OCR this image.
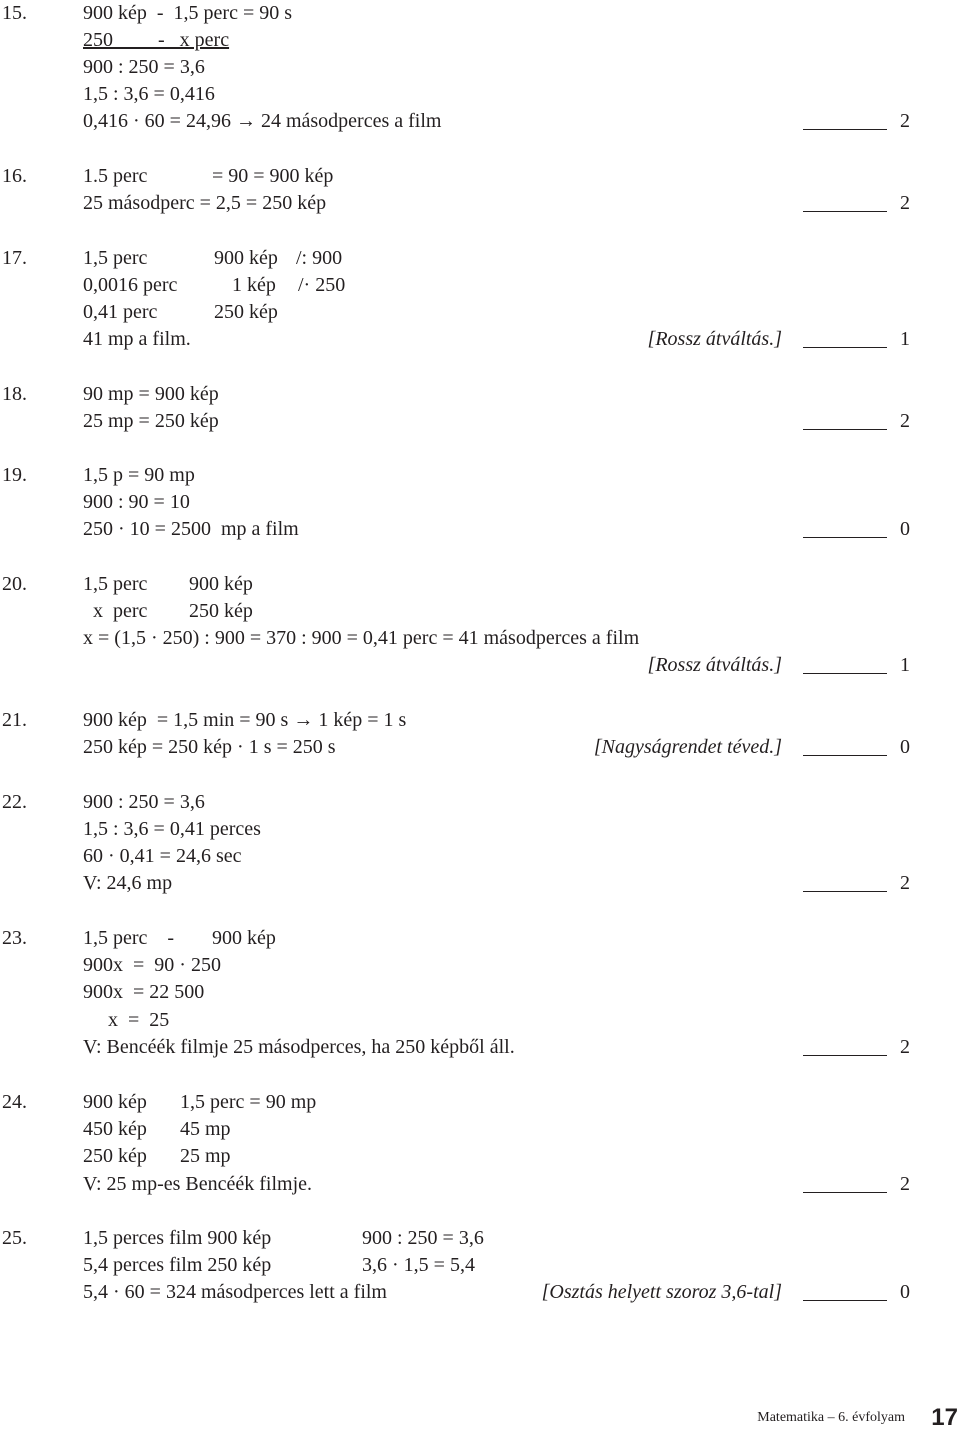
15.	900 kép  -  1,5 perc = 90 s
250         -   x perc
900 : 250 = 3,6
1,5 : 3,6 = 0,416
0,416 · 60 = 24,96 → 24 másodperces a film	2
16.	1.5 perc	= 90 = 900 kép
25 másodperc = 2,5 = 250 kép	2
17.	1,5 perc	900 kép /: 900
0,0016 perc	1 kép /· 250
0,41 perc	250 kép
41 mp a film.	[Rossz átváltás.]	1
18.	90 mp = 900 kép
25 mp = 250 kép	2
19.	1,5 p = 90 mp
900 : 90 = 10
250 · 10 = 2500  mp a film	0
20.	1,5 perc 900 kép
x  perc 250 kép
x = (1,5 · 250) : 900 = 370 : 900 = 0,41 perc = 41 másodperces a film
[Rossz átváltás.]	1
21.	900 kép  = 1,5 min = 90 s → 1 kép = 1 s
250 kép = 250 kép · 1 s = 250 s	[Nagyságrendet téved.]	0
22.	900 : 250 = 3,6
1,5 : 3,6 = 0,41 perces
60 · 0,41 = 24,6 sec
V: 24,6 mp	2
23.	1,5 perc    - 900 kép
900x  =  90 · 250
900x  = 22 500
x  =  25
V: Bencéék filmje 25 másodperces, ha 250 képből áll.	2
24.	900 kép 1,5 perc = 90 mp
450 kép 45 mp
250 kép 25 mp
V: 25 mp-es Bencéék filmje.	2
25.	1,5 perces film 900 kép	900 : 250 = 3,6
5,4 perces film 250 kép	3,6 · 1,5 = 5,4
5,4 · 60 = 324 másodperces lett a film	[Osztás helyett szoroz 3,6-tal]	0
Matematika – 6. évfolyam 17
